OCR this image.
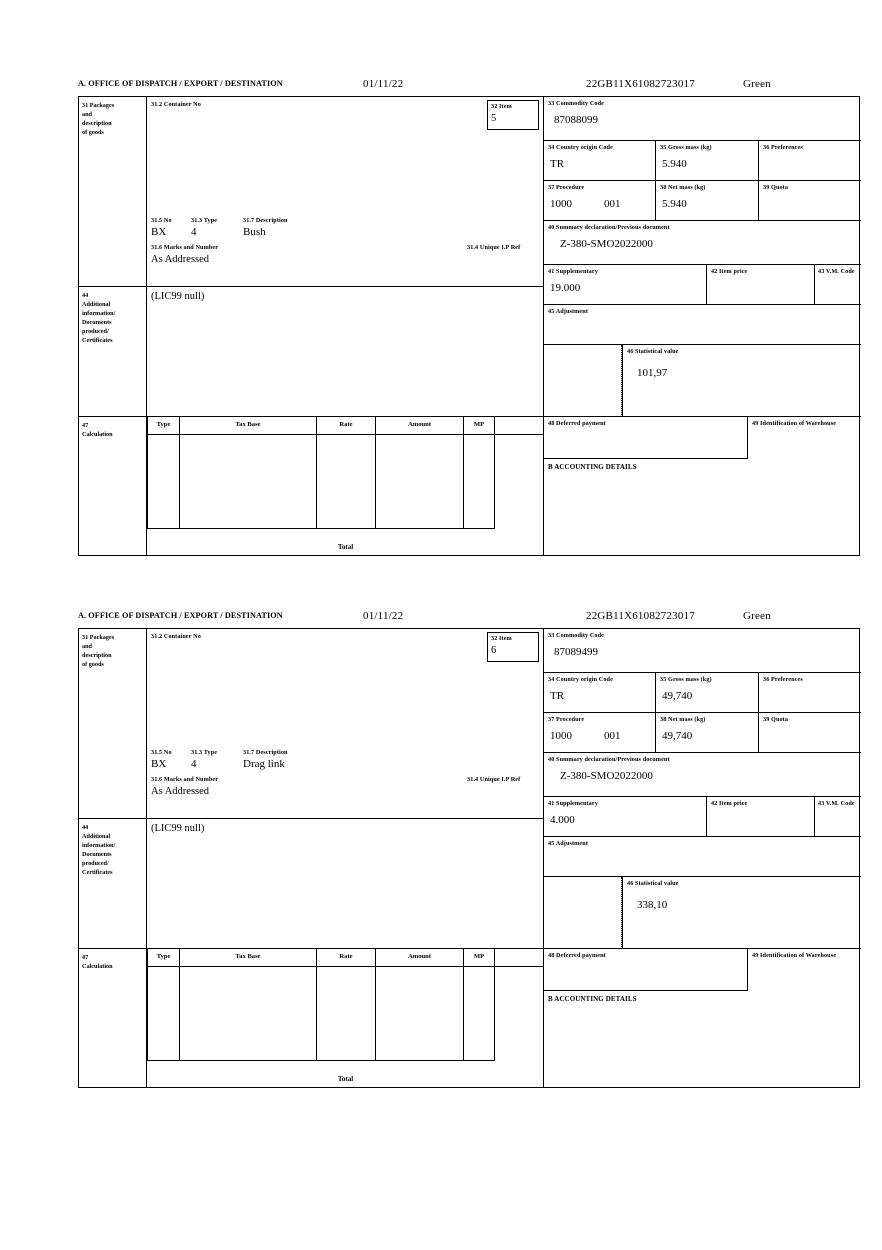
A. OFFICE OF DISPATCH / EXPORT / DESTINATION	01/11/22	22GB11X61082723017	Green
31 Packages
and
description
of goods
31.2 Container No	32 Item
5
31.5 No	31.3 Type	31.7 Description
BX 4	Bush
31.6 Marks and Number
As Addressed
31.4 Unique I.P Ref
44
Additional
information/
Documents
produced/
Certificates
(LIC99 null)
33 Commodity Code
87088099
34 Country origin Code
TR
35 Gross mass (kg)
5.940
36 Preferences
37 Procedure
1000	001
38 Net mass (kg)
5.940
39 Quota
40 Summary declaration/Previous document
Z-380-SMO2022000
41 Supplementary
19.000
42 Item price	43 V.M. Code
45 Adjustment
46 Statistical value
101,97
47
Calculation
Type	Tax Base	Rate	Amount	MP
Total
48 Deferred payment	49 Identification of Warehouse
B ACCOUNTING DETAILS
A. OFFICE OF DISPATCH / EXPORT / DESTINATION	01/11/22	22GB11X61082723017	Green
31 Packages
and
description
of goods
31.2 Container No	32 Item
6
31.5 No	31.3 Type	31.7 Description
BX 4	Drag link
31.6 Marks and Number
As Addressed
31.4 Unique I.P Ref
44
Additional
information/
Documents
produced/
Certificates
(LIC99 null)
33 Commodity Code
87089499
34 Country origin Code
TR
35 Gross mass (kg)
49,740
36 Preferences
37 Procedure
1000	001
38 Net mass (kg)
49,740
39 Quota
40 Summary declaration/Previous document
Z-380-SMO2022000
41 Supplementary
4.000
42 Item price	43 V.M. Code
45 Adjustment
46 Statistical value
338,10
47
Calculation
Type	Tax Base	Rate	Amount	MP
Total
48 Deferred payment	49 Identification of Warehouse
B ACCOUNTING DETAILS
